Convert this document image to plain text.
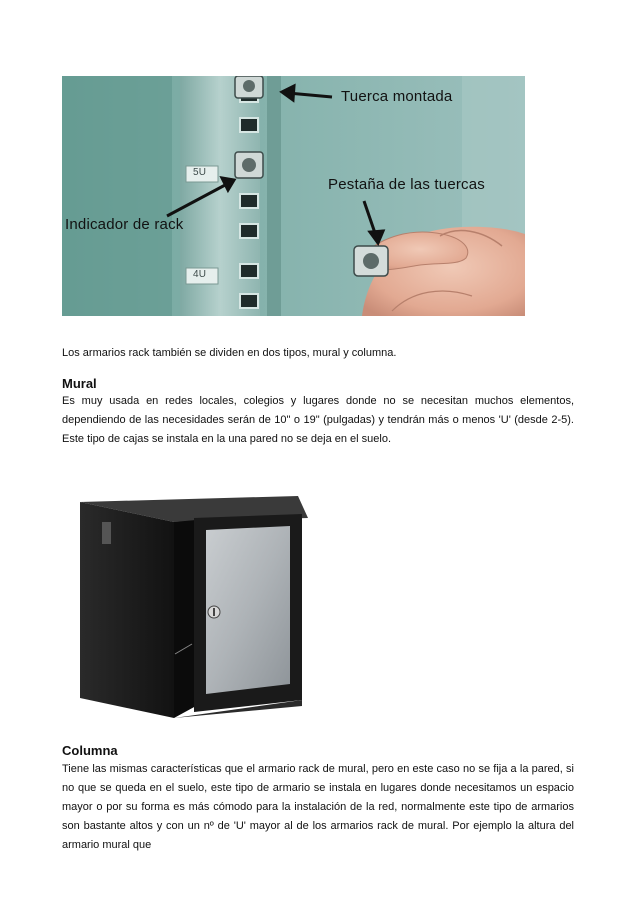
Tuerca montada
Pestaña de las tuercas
Indicador de rack
5U
4U
Los armarios rack también se dividen en dos tipos, mural y columna.
Mural
Es muy usada en redes locales, colegios y lugares donde no se necesitan muchos elementos, dependiendo de las necesidades serán de 10" o 19" (pulgadas) y tendrán más o menos 'U' (desde 2-5). Este tipo de cajas se instala en la una pared no se deja en el suelo.
Columna
Tiene las mismas características que el armario rack de mural, pero en este caso no se fija a la pared, si no que se queda en el suelo, este tipo de armario se instala en lugares donde necesitamos un espacio mayor o por su forma es más cómodo para la instalación de la red, normalmente este tipo de armarios son bastante altos y con un nº de 'U' mayor al de los armarios rack de mural. Por ejemplo la altura del armario mural que
